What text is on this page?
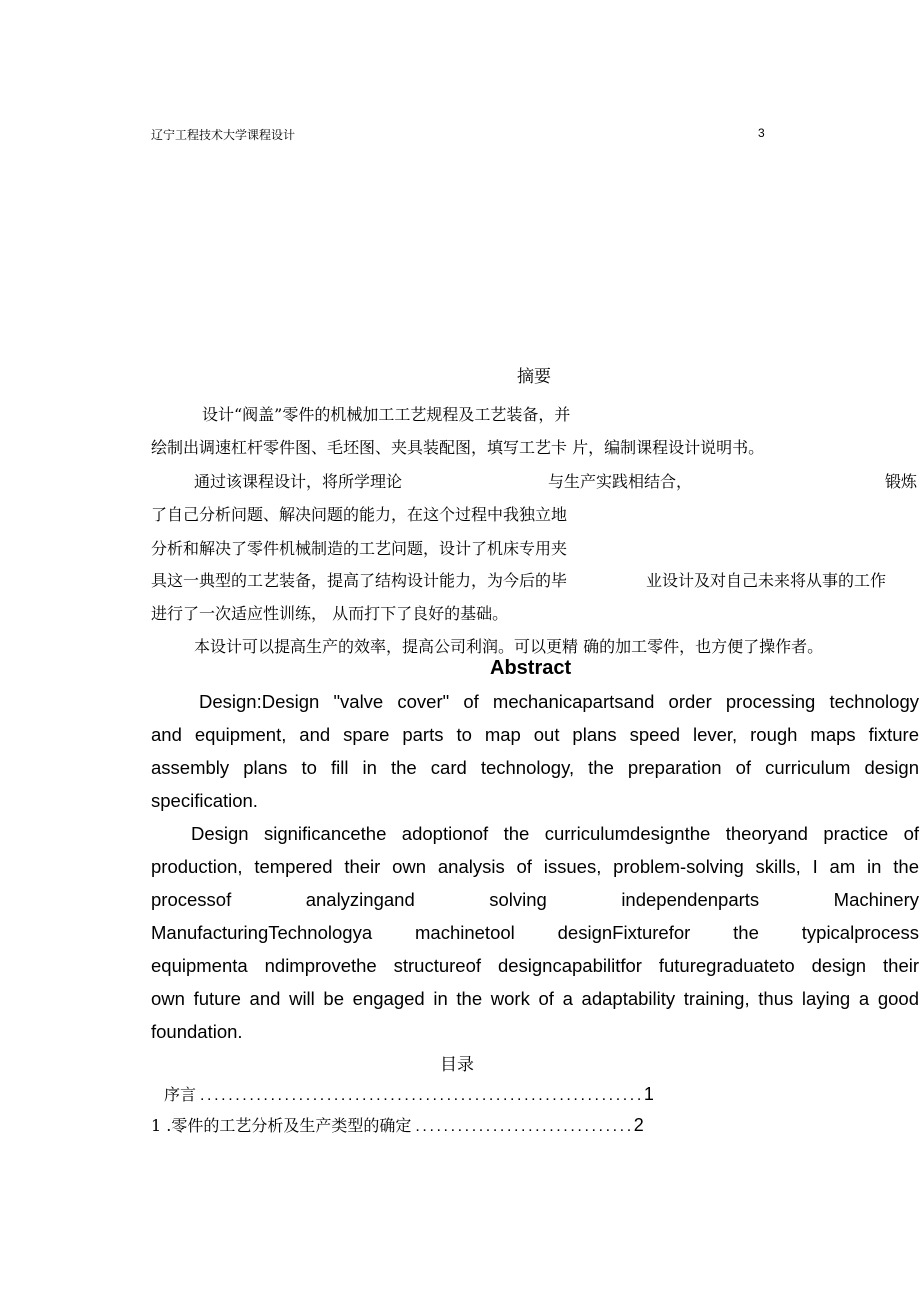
辽宁工程技术大学课程设计	3
摘要
设计“阀盖”零件的机械加工工艺规程及工艺装备，并
绘制出调速杠杆零件图、毛坯图、夹具装配图，填写工艺卡 片，编制课程设计说明书。
通过该课程设计，将所学理论	与生产实践相结合，	锻炼
了自己分析问题、解决问题的能力，在这个过程中我独立地
分析和解决了零件机械制造的工艺问题，设计了机床专用夹
具这一典型的工艺装备，提高了结构设计能力，为今后的毕	业设计及对自己未来将从事的工作
进行了一次适应性训练， 从而打下了良好的基础。
本设计可以提高生产的效率，提高公司利润。可以更精 确的加工零件，也方便了操作者。
Abstract
Design:Design "valve cover" of mechanicapartsand order processing technology
and equipment, and spare parts to map out plans speed lever, rough maps fixture
assembly plans to fill in the card technology, the preparation of curriculum design
specification.
Design significancethe adoptionof the curriculumdesignthe theoryand practice of
production, tempered their own analysis of issues, problem-solving skills, I am in the
processof analyzingand solving independenparts Machinery
ManufacturingTechnologya machinetool designFixturefor the typicalprocess
equipmenta ndimprovethe structureof designcapabilitfor futuregraduateto design their
own future and will be engaged in the work of a adaptability training, thus laying a good
foundation.
目录
序言 ...............................................................1
1 .零件的工艺分析及生产类型的确定 ...............................2
